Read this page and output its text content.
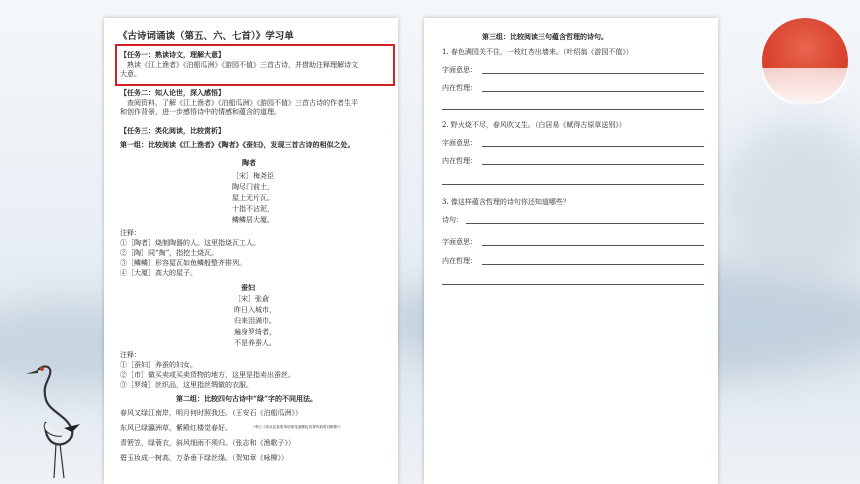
《古诗词诵读（第五、六、七首）》学习单
【任务一：熟读诗文，理解大意】
熟读《江上渔者》《泊船瓜洲》《游园不值》三首古诗，并借助注释理解诗文
大意。
【任务二：知人论世，深入感悟】
查阅资料，了解《江上渔者》《泊船瓜洲》《游园不值》三首古诗的作者生平
和创作背景，进一步感悟诗中的情感和蕴含的道理。
【任务三：类化阅读，比较赏析】
第一组：比较阅读《江上渔者》《陶者》《蚕妇》，发现三首古诗的相似之处。
陶者
［宋］梅尧臣
陶尽门前土，
屋上无片瓦。
十指不沾泥，
鳞鳞居大厦。
注释：
①［陶者］烧制陶器的人。这里指烧瓦工人。
②［陶］同“掏”，指挖土烧瓦。
③［鳞鳞］形容屋瓦如鱼鳞般整齐排列。
④［大厦］高大的屋子。
蚕妇
［宋］张俞
昨日入城市，
归来泪满巾。
遍身罗绮者，
不是养蚕人。
注释：
①［蚕妇］养蚕的妇女。
②［市］做买卖或买卖货物的地方，这里是指卖出蚕丝。
③［罗绮］丝织品，这里指丝绸做的衣服。
第二组：比较四句古诗中“绿”字的不同用法。
春风又绿江南岸，明月何时照我还。（王安石《泊船瓜洲》）
东风已绿瀛洲草，紫殿红楼觉春好。	（李白《侍从宜春苑奉诏赋龙池柳色初青听新莺百啭歌》）
青箬笠，绿蓑衣，斜风细雨不须归。（张志和《渔歌子》）
碧玉妆成一树高，万条垂下绿丝绦。（贺知章《咏柳》）
第三组：比较阅读三句蕴含哲理的诗句。
1. 春色满园关不住，一枝红杏出墙来。（叶绍翁《游园不值》）
字面意思：
内在哲理：
2. 野火烧不尽，春风吹又生。（白居易《赋得古原草送别》）
字面意思：
内在哲理：
3. 像这样蕴含哲理的诗句你还知道哪些？
诗句：
字面意思：
内在哲理：
